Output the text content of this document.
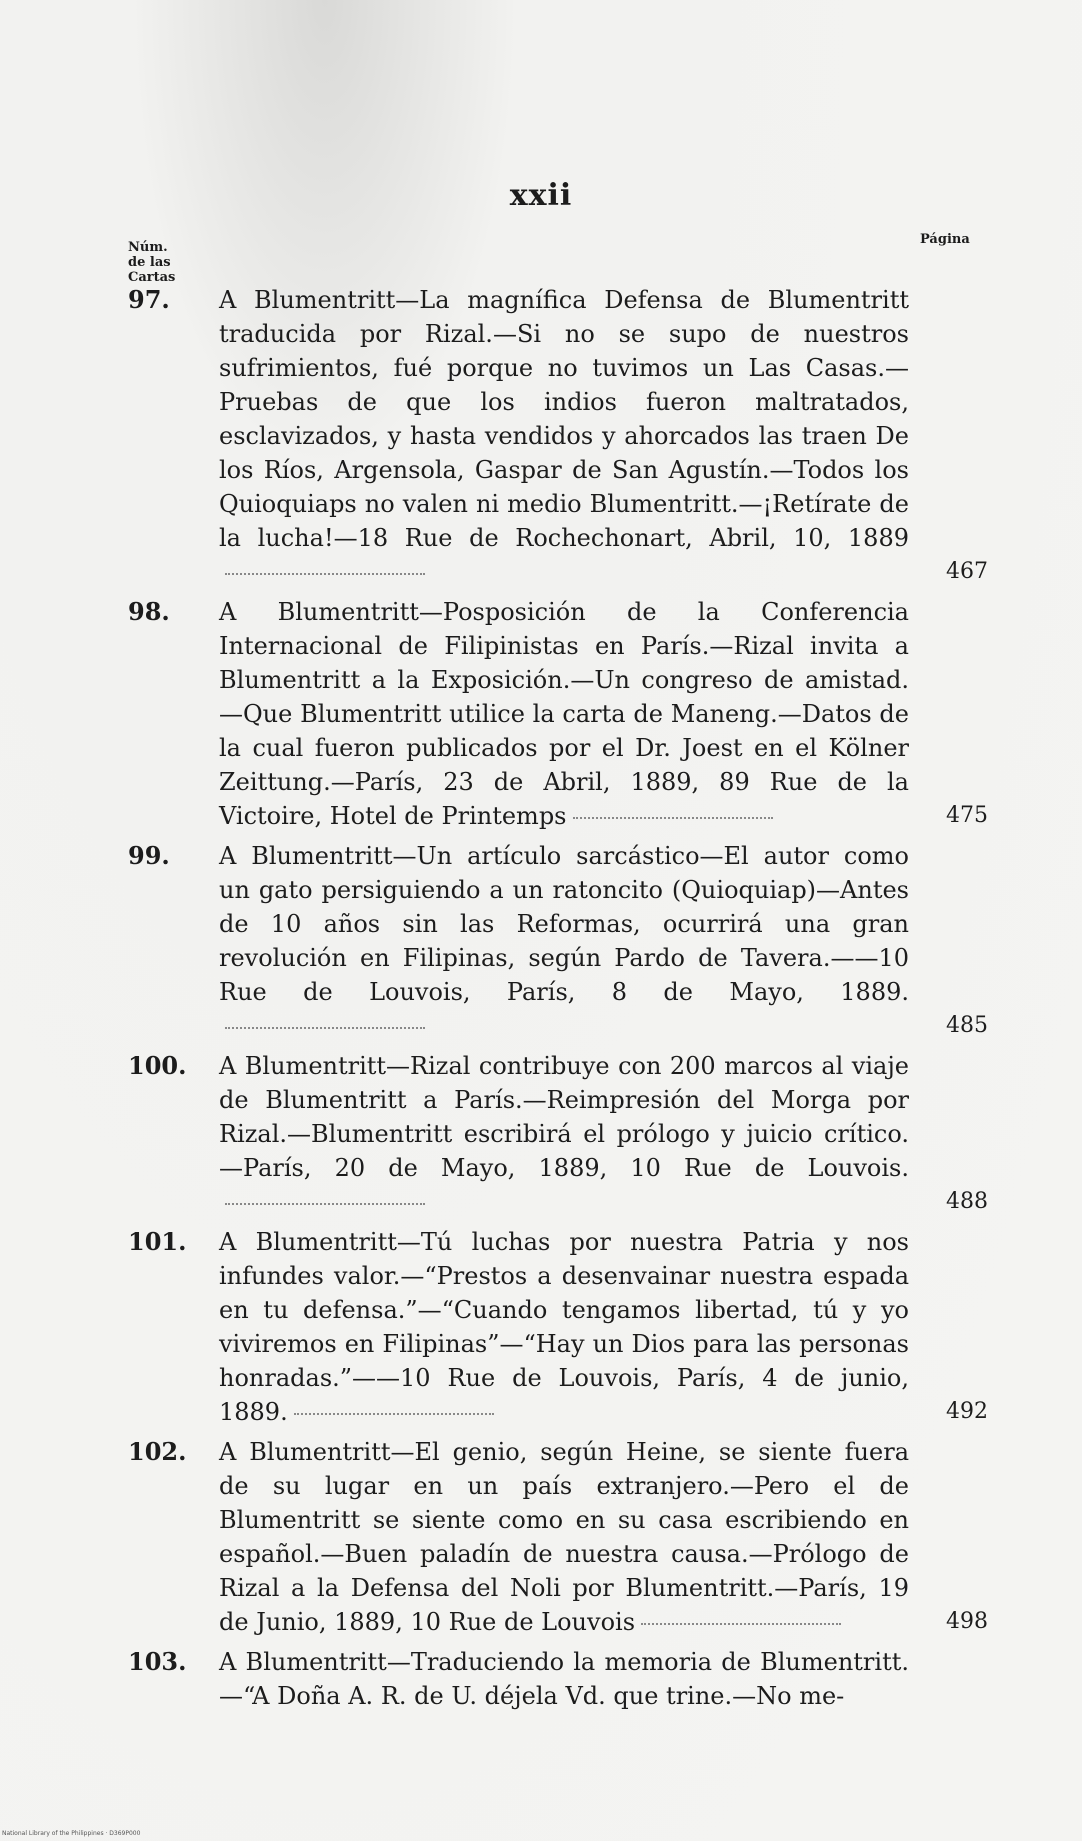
xxii
Núm.
de las
Cartas
Página
97. A Blumentritt—La magnífica Defensa de Blumentritt traducida por Rizal.—Si no se supo de nuestros sufrimientos, fué porque no tuvimos un Las Casas.—Pruebas de que los indios fueron maltratados, esclavizados, y hasta vendidos y ahorcados las traen De los Ríos, Argensola, Gaspar de San Agustín.—Todos los Quioquiaps no valen ni medio Blumentritt.—¡Retírate de la lucha!—18 Rue de Rochechonart, Abril, 10, 1889
467
98. A Blumentritt—Posposición de la Conferencia Internacional de Filipinistas en París.—Rizal invita a Blumentritt a la Exposición.—Un congreso de amistad.—Que Blumentritt utilice la carta de Maneng.—Datos de la cual fueron publicados por el Dr. Joest en el Kölner Zeittung.—París, 23 de Abril, 1889, 89 Rue de la Victoire, Hotel de Printemps	475
99. A Blumentritt—Un artículo sarcástico—El autor como un gato persiguiendo a un ratoncito (Quioquiap)—Antes de 10 años sin las Reformas, ocurrirá una gran revolución en Filipinas, según Pardo de Tavera.——10 Rue de Louvois, París, 8 de Mayo, 1889.
485
100. A Blumentritt—Rizal contribuye con 200 marcos al viaje de Blumentritt a París.—Reimpresión del Morga por Rizal.—Blumentritt escribirá el prólogo y juicio crítico.—París, 20 de Mayo, 1889, 10 Rue de Louvois.
488
101. A Blumentritt—Tú luchas por nuestra Patria y nos infundes valor.—“Prestos a desenvainar nuestra espada en tu defensa.”—“Cuando tengamos libertad, tú y yo viviremos en Filipinas”—“Hay un Dios para las personas honradas.”——10 Rue de Louvois, París, 4 de junio, 1889.	492
102. A Blumentritt—El genio, según Heine, se siente fuera de su lugar en un país extranjero.—Pero el de Blumentritt se siente como en su casa escribiendo en español.—Buen paladín de nuestra causa.—Prólogo de Rizal a la Defensa del Noli por Blumentritt.—París, 19 de Junio, 1889, 10 Rue de Louvois	498
103. A Blumentritt—Traduciendo la memoria de Blumentritt. —“A Doña A. R. de U. déjela Vd. que trine.—No me-
National Library of the Philippines · D369P000
